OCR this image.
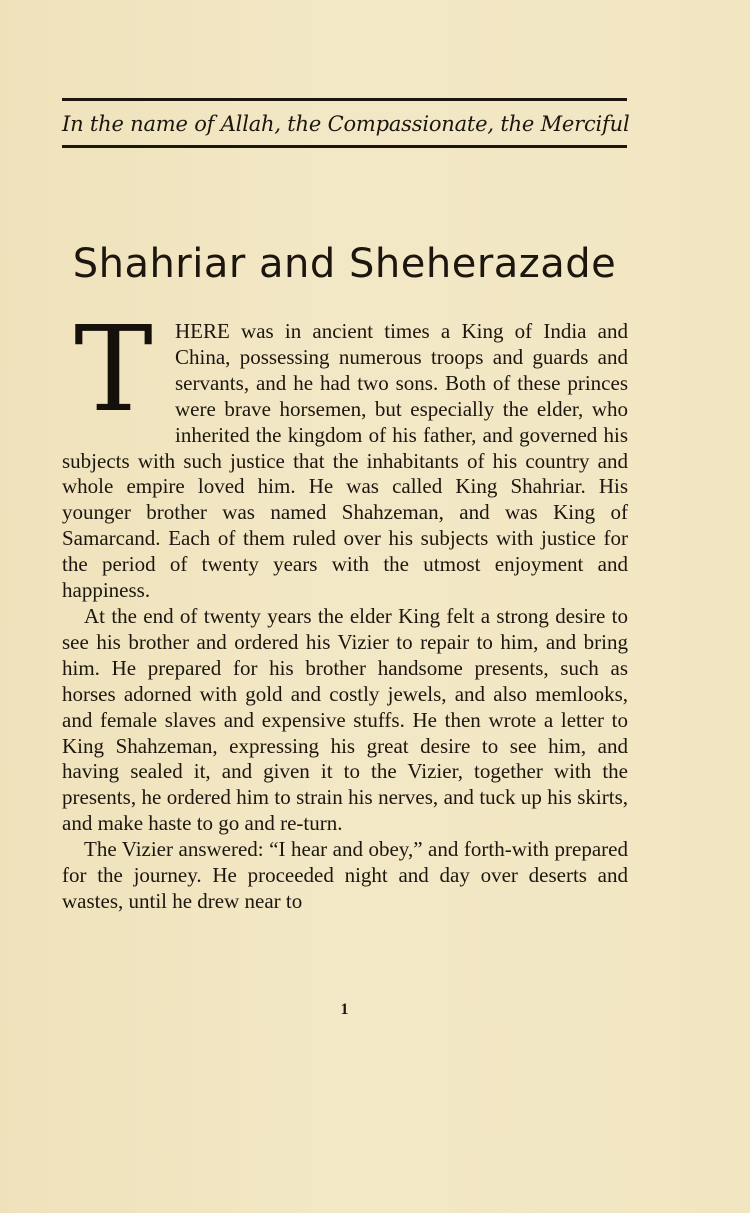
In the name of Allah, the Compassionate, the Merciful
Shahriar and Sheherazade

T	HERE was in ancient times a King of India and China, possessing numerous troops and guards and servants, and he had two sons. Both of these princes were brave horsemen, but especially the elder, who inherited the kingdom of his father, and governed his subjects with such justice that the inhabitants of his country and whole empire loved him. He was called King Shahriar. His younger brother was named Shahzeman, and was King of Samarcand. Each of them ruled over his subjects with justice for the period of twenty years with the utmost enjoyment and happiness.

At the end of twenty years the elder King felt a strong desire to see his brother and ordered his Vizier to repair to him, and bring him. He prepared for his brother handsome presents, such as horses adorned with gold and costly jewels, and also memlooks, and female slaves and expensive stuffs. He then wrote a letter to King Shahzeman, expressing his great desire to see him, and having sealed it, and given it to the Vizier, together with the presents, he ordered him to strain his nerves, and tuck up his skirts, and make haste to go and re-turn.

The Vizier answered: “I hear and obey,” and forth-with prepared for the journey. He proceeded night and day over deserts and wastes, until he drew near to

1
